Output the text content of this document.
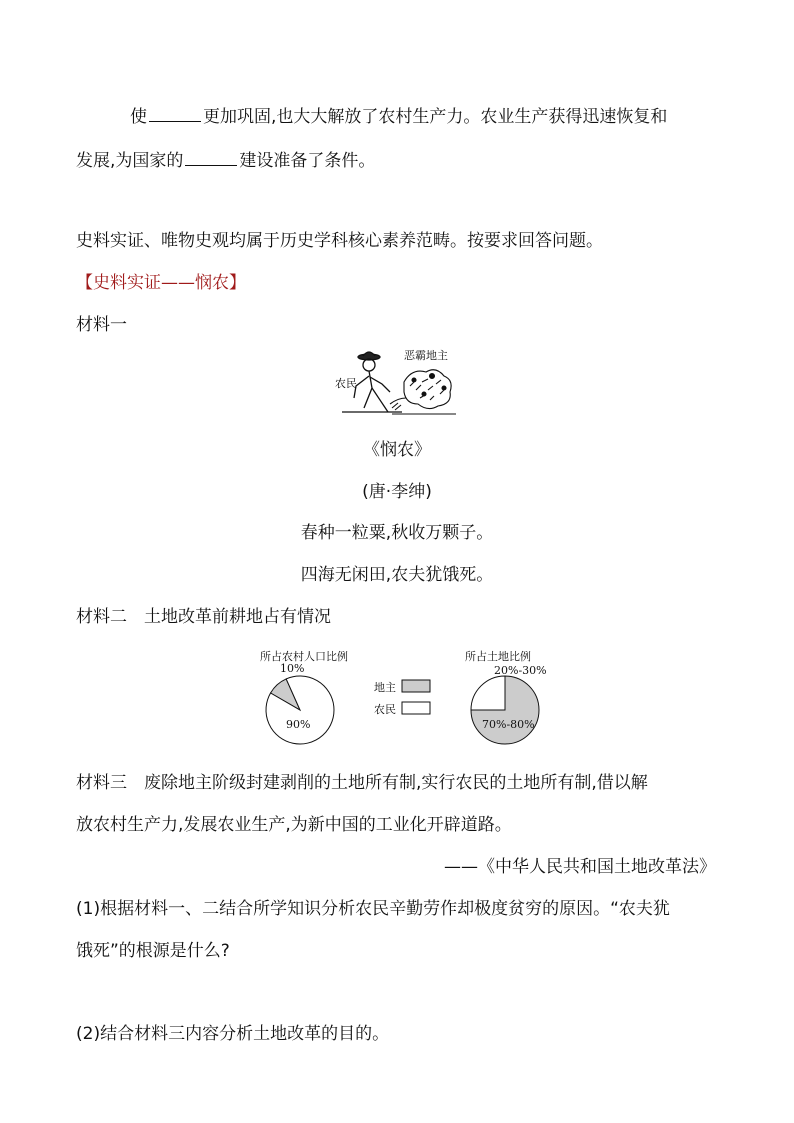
使	更加巩固,也大大解放了农村生产力。农业生产获得迅速恢复和
发展,为国家的	建设准备了条件。
史料实证、唯物史观均属于历史学科核心素养范畴。按要求回答问题。
【史料实证——悯农】
材料一
恶霸地主
农民
《悯农》
(唐·李绅)
春种一粒粟,秋收万颗子。
四海无闲田,农夫犹饿死。
材料二　土地改革前耕地占有情况
所占农村人口比例	所占土地比例
10%
90%
20%-30%
70%-80%
地主
农民
材料三　废除地主阶级封建剥削的土地所有制,实行农民的土地所有制,借以解
放农村生产力,发展农业生产,为新中国的工业化开辟道路。
——《中华人民共和国土地改革法》
(1)根据材料一、二结合所学知识分析农民辛勤劳作却极度贫穷的原因。“农夫犹
饿死”的根源是什么?
(2)结合材料三内容分析土地改革的目的。
